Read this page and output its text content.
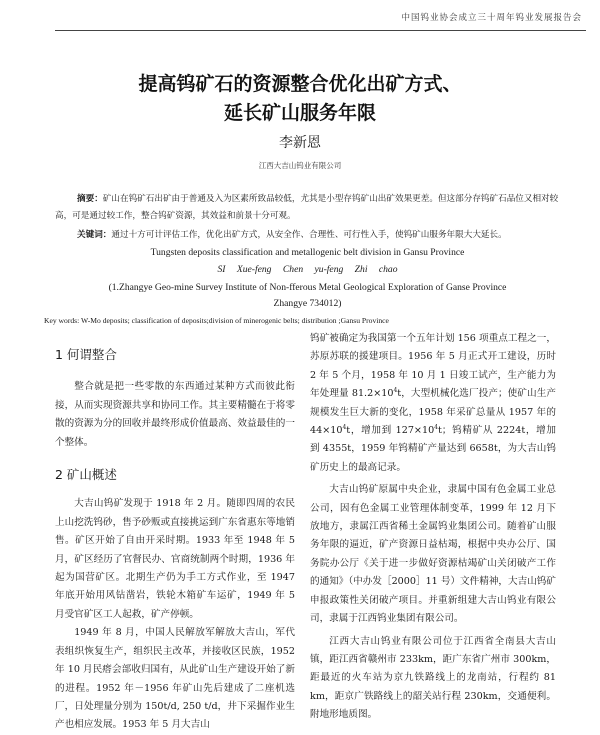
中国钨业协会成立三十周年钨业发展报告会
提高钨矿石的资源整合优化出矿方式、
延长矿山服务年限
李新恩
江西大吉山钨业有限公司
摘要：矿山在钨矿石出矿由于普通及入为区素所致品较低，尤其是小型存钨矿山出矿效果更差。但这部分存钨矿石品位又相对较高，可是通过较工作，整合钨矿资源，其效益和前景十分可观。
关键词：通过十方可计评估工作，优化出矿方式，从安全作、合理性、可行性入手，使钨矿山服务年限大大延长。
Tungsten deposits classification and metallogenic belt division in Gansu Province
SI Xue-feng Chen yu-feng Zhi chao
(1.Zhangye Geo-mine Survey Institute of Non-fferous Metal Geological Exploration of Ganse Province
Zhangye 734012)
Key words: W-Mo deposits; classification of deposits;division of minerogenic belts; distribution ;Gansu Province
1 何谓整合

整合就是把一些零散的东西通过某种方式而彼此衔接，从而实现资源共享和协同工作。其主要精髓在于将零散的资源为分的回收并最终形成价值最高、效益最佳的一个整体。

2 矿山概述

大吉山钨矿发现于 1918 年 2 月。随即四周的农民上山挖洗钨砂，售予砂贩或直接挑运到广东省惠东等地销售。矿区开始了自由开采时期。1933 年至 1948 年 5 月，矿区经历了官督民办、官商统制两个时期，1936 年起为国营矿区。北期生产仍为手工方式作业，至 1947 年底开始用风钻凿岩，铁轮木箱矿车运矿，1949 年 5 月受官矿区工人起救，矿产停顿。

1949 年 8 月，中国人民解放军解放大吉山，军代表组织恢复生产，组织民主改革，并接收区民族，1952 年 10 月民瘩会部收归国有，从此矿山生产建设开始了新的进程。1952 年－1956 年矿山先后建成了二座机选厂，日处理量分别为 150t/d, 250 t/d，井下采掘作业生产也相应发展。1953 年 5 月大吉山

钨矿被确定为我国第一个五年计划 156 项重点工程之一，苏原苏联的援建项目。1956 年 5 月正式开工建设，历时 2 年 5 个月，1958 年 10 月 1 日竣工试产，生产能力为年处理量 $81.2\times 10^4t$，大型机械化选厂投产；使矿山生产规模发生巨大新的变化，1958 年采矿总量从 1957 年的 $44\times 10^4t$，增加到 $127\times 10^4t$；钨精矿从 2224t，增加 到 4355t，1959 年钨精矿产量达到 6658t，为大吉山钨矿历史上的最高记录。

大吉山钨矿原属中央企业，隶属中国有色金属工业总公司，因有色金属工业管理体制变革，1999 年 12 月下放地方，隶属江西省稀土金属钨业集团公司。随着矿山服务年限的逼近，矿产资源日益枯竭，根据中央办公厅、国务院办公厅《关于进一步做好资源枯竭矿山关闭破产工作的通知》（中办发［2000］11 号）文件精神，大吉山钨矿申报政策性关闭破产项目。并重新组建大吉山钨业有限公司，隶属于江西钨业集团有限公司。

江西大吉山钨业有限公司位于江西省全南县大吉山镇，距江西省赣州市 233km，距广东省广州市 300km，距最近的火车站为京九铁路线上的龙南站，行程约 81 km，距京广铁路线上的韶关站行程 230km，交通便利。附地形地质图。
